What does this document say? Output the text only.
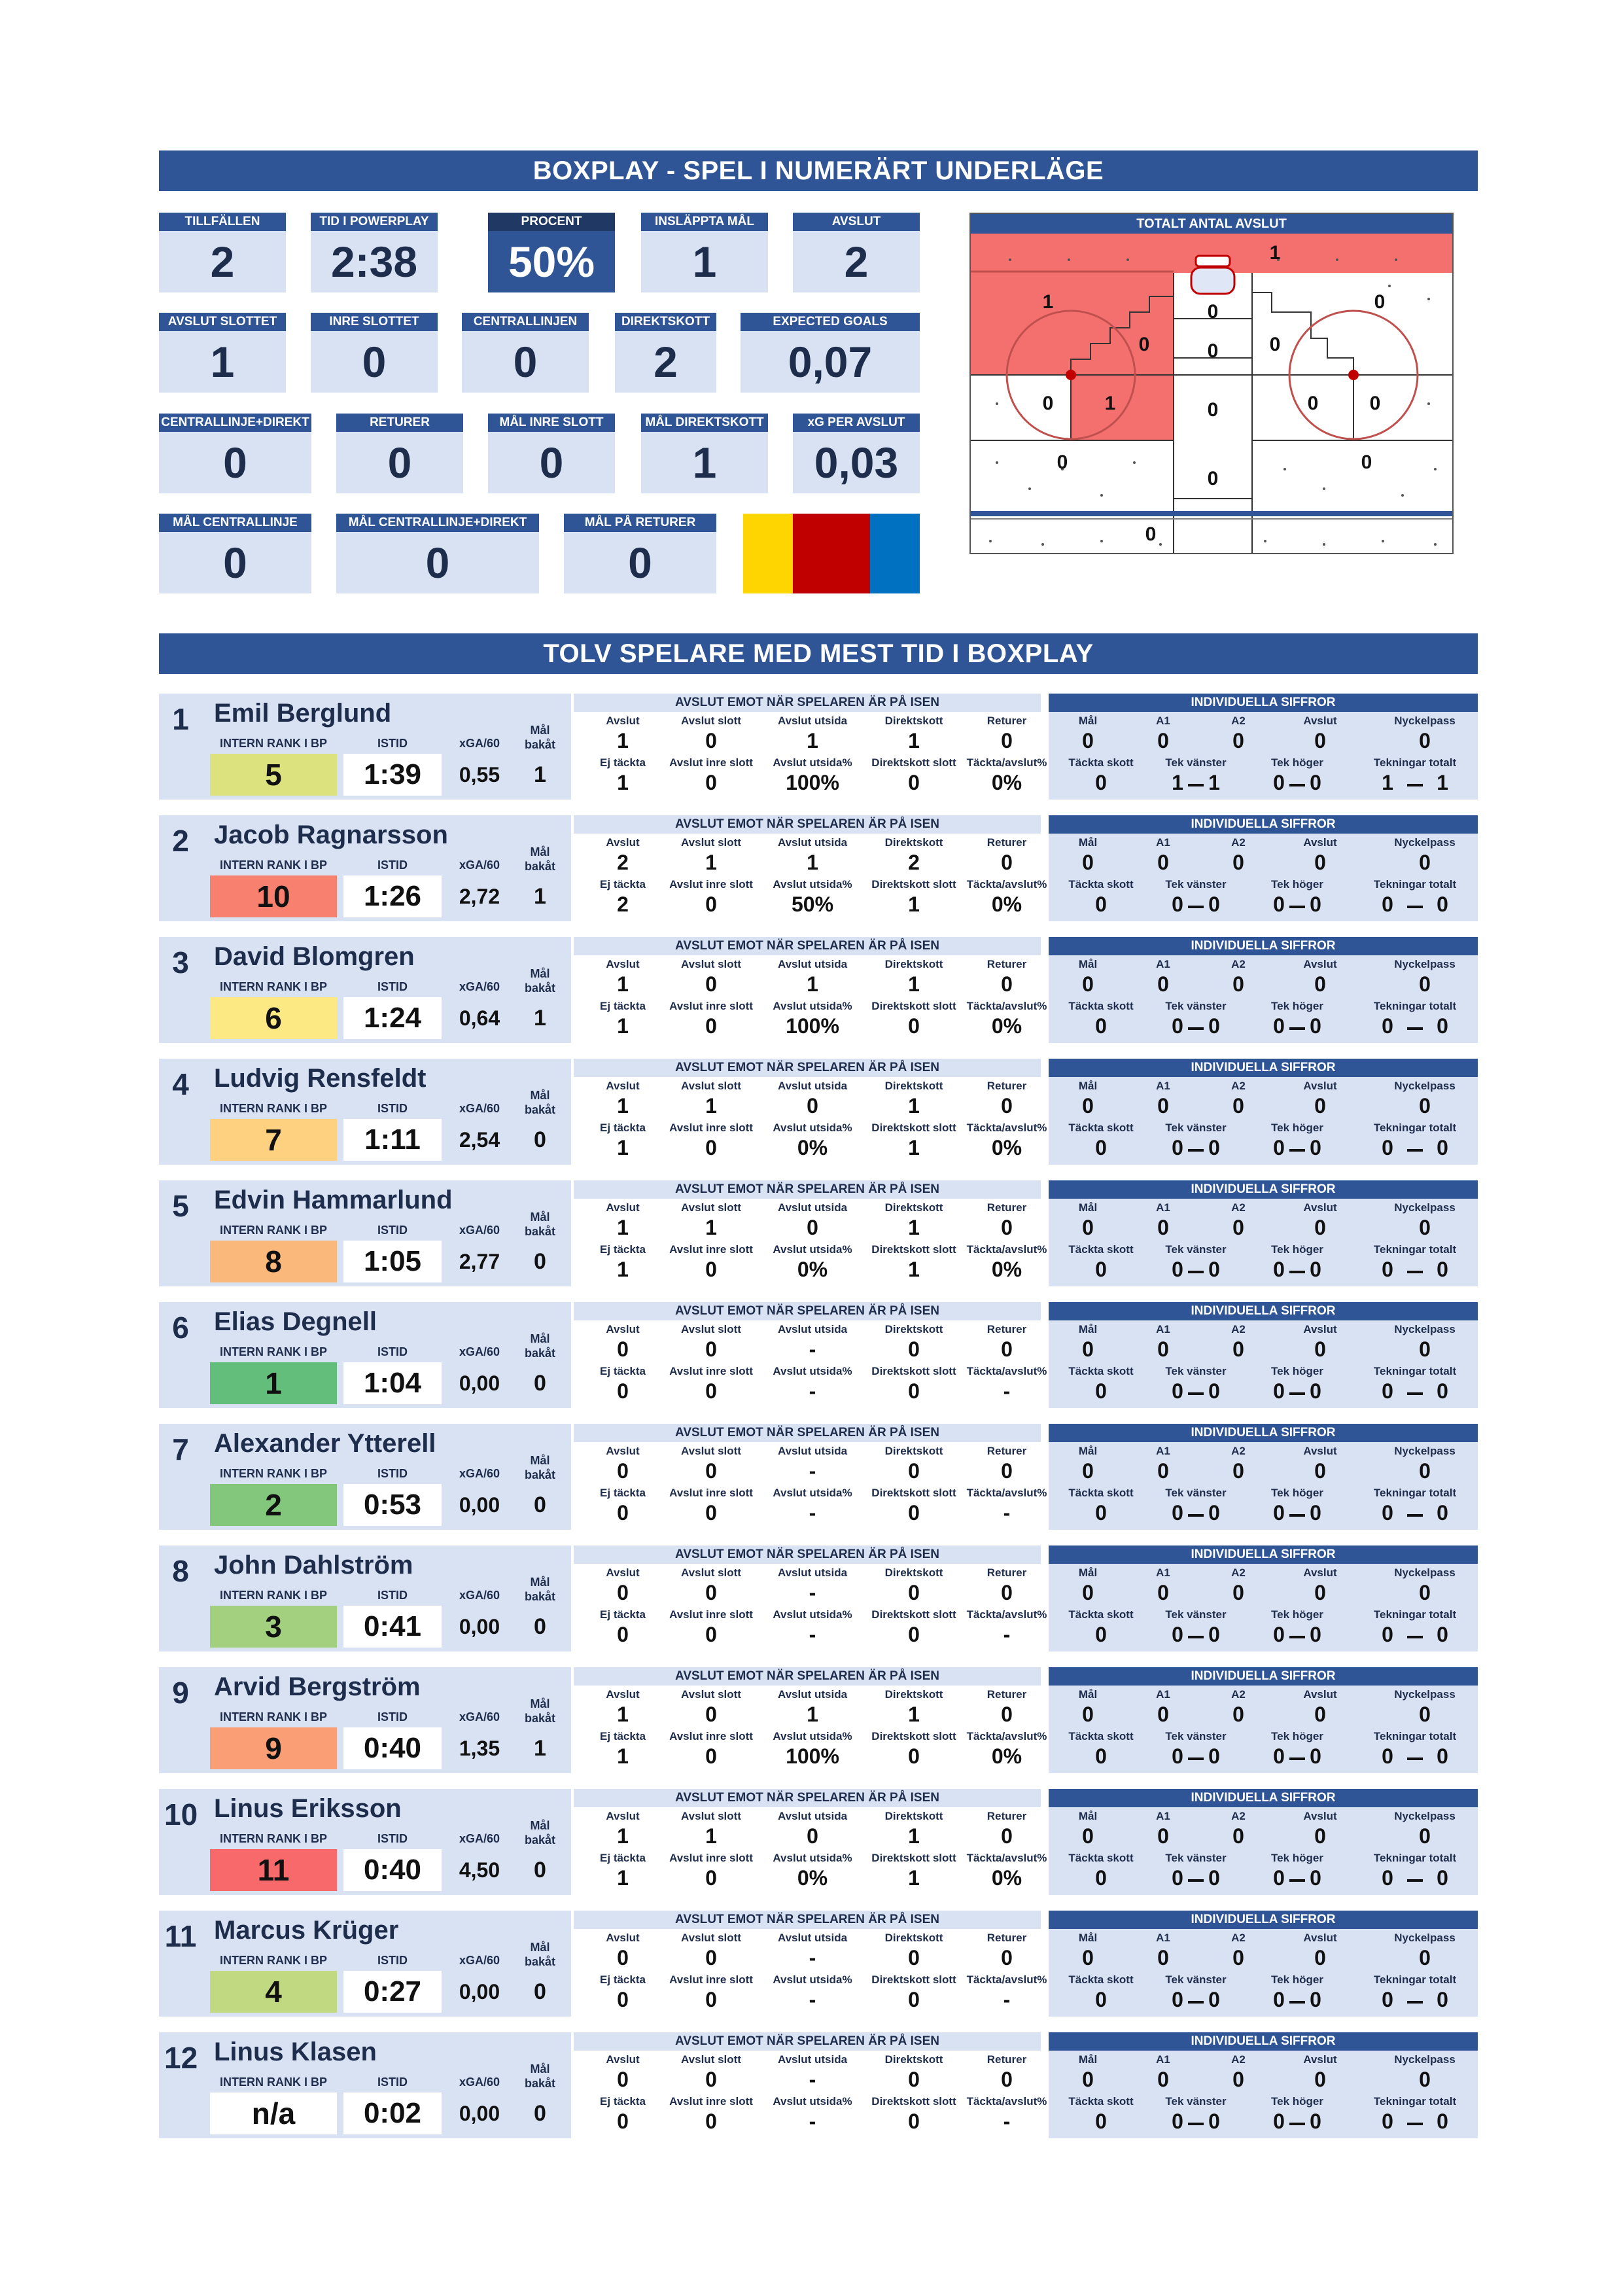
BOXPLAY - SPEL I NUMERÄRT UNDERLÄGE
TILLFÄLLEN
2
TID I POWERPLAY
2:38
PROCENT
50%
INSLÄPPTA MÅL
1
AVSLUT
2
AVSLUT SLOTTET
1
INRE SLOTTET
0
CENTRALLINJEN
0
DIREKTSKOTT
2
EXPECTED GOALS
0,07
CENTRALLINJE+DIREKT
0
RETURER
0
MÅL INRE SLOTT
0
MÅL DIREKTSKOTT
1
xG PER AVSLUT
0,03
MÅL CENTRALLINJE
0
MÅL CENTRALLINJE+DIREKT
0
MÅL PÅ RETURER
0
TOTALT ANTAL AVSLUT
1
1	0	0
0	0	0
0	1	0	0	0
0
0
0
0
TOLV SPELARE MED MEST TID I BOXPLAY
1 Emil Berglund
INTERN RANK I BP	ISTID	xGA/60
Mål
bakåt
5	1:39	0,55	1
AVSLUT EMOT NÄR SPELAREN ÄR PÅ ISEN
Avslut
1
Avslut slott
0
Avslut utsida
1
Direktskott
1
Returer
0
Ej täckta
1
Avslut inre slott
0
Avslut utsida%
100%
Direktskott slott
0
Täckta/avslut%
0%
INDIVIDUELLA SIFFROR
Mål
0
A1
0
A2
0
Avslut
0
Nyckelpass
0
Täckta skott	Tek vänster	Tek höger	Tekningar totalt
0	1 1	0 0	1 1
2 Jacob Ragnarsson
INTERN RANK I BP	ISTID	xGA/60
Mål
bakåt
10	1:26	2,72	1
AVSLUT EMOT NÄR SPELAREN ÄR PÅ ISEN
Avslut
2
Avslut slott
1
Avslut utsida
1
Direktskott
2
Returer
0
Ej täckta
2
Avslut inre slott
0
Avslut utsida%
50%
Direktskott slott
1
Täckta/avslut%
0%
INDIVIDUELLA SIFFROR
Mål
0
A1
0
A2
0
Avslut
0
Nyckelpass
0
Täckta skott	Tek vänster	Tek höger	Tekningar totalt
0	0 0	0 0	0 0
3 David Blomgren
INTERN RANK I BP	ISTID	xGA/60
Mål
bakåt
6	1:24	0,64	1
AVSLUT EMOT NÄR SPELAREN ÄR PÅ ISEN
Avslut
1
Avslut slott
0
Avslut utsida
1
Direktskott
1
Returer
0
Ej täckta
1
Avslut inre slott
0
Avslut utsida%
100%
Direktskott slott
0
Täckta/avslut%
0%
INDIVIDUELLA SIFFROR
Mål
0
A1
0
A2
0
Avslut
0
Nyckelpass
0
Täckta skott	Tek vänster	Tek höger	Tekningar totalt
0	0 0	0 0	0 0
4 Ludvig Rensfeldt
INTERN RANK I BP	ISTID	xGA/60
Mål
bakåt
7	1:11	2,54	0
AVSLUT EMOT NÄR SPELAREN ÄR PÅ ISEN
Avslut
1
Avslut slott
1
Avslut utsida
0
Direktskott
1
Returer
0
Ej täckta
1
Avslut inre slott
0
Avslut utsida%
0%
Direktskott slott
1
Täckta/avslut%
0%
INDIVIDUELLA SIFFROR
Mål
0
A1
0
A2
0
Avslut
0
Nyckelpass
0
Täckta skott	Tek vänster	Tek höger	Tekningar totalt
0	0 0	0 0	0 0
5 Edvin Hammarlund
INTERN RANK I BP	ISTID	xGA/60
Mål
bakåt
8	1:05	2,77	0
AVSLUT EMOT NÄR SPELAREN ÄR PÅ ISEN
Avslut
1
Avslut slott
1
Avslut utsida
0
Direktskott
1
Returer
0
Ej täckta
1
Avslut inre slott
0
Avslut utsida%
0%
Direktskott slott
1
Täckta/avslut%
0%
INDIVIDUELLA SIFFROR
Mål
0
A1
0
A2
0
Avslut
0
Nyckelpass
0
Täckta skott	Tek vänster	Tek höger	Tekningar totalt
0	0 0	0 0	0 0
6 Elias Degnell
INTERN RANK I BP	ISTID	xGA/60
Mål
bakåt
1	1:04	0,00	0
AVSLUT EMOT NÄR SPELAREN ÄR PÅ ISEN
Avslut
0
Avslut slott
0
Avslut utsida
-
Direktskott
0
Returer
0
Ej täckta
0
Avslut inre slott
0
Avslut utsida%
-
Direktskott slott
0
Täckta/avslut%
-
INDIVIDUELLA SIFFROR
Mål
0
A1
0
A2
0
Avslut
0
Nyckelpass
0
Täckta skott	Tek vänster	Tek höger	Tekningar totalt
0	0 0	0 0	0 0
7 Alexander Ytterell
INTERN RANK I BP	ISTID	xGA/60
Mål
bakåt
2	0:53	0,00	0
AVSLUT EMOT NÄR SPELAREN ÄR PÅ ISEN
Avslut
0
Avslut slott
0
Avslut utsida
-
Direktskott
0
Returer
0
Ej täckta
0
Avslut inre slott
0
Avslut utsida%
-
Direktskott slott
0
Täckta/avslut%
-
INDIVIDUELLA SIFFROR
Mål
0
A1
0
A2
0
Avslut
0
Nyckelpass
0
Täckta skott	Tek vänster	Tek höger	Tekningar totalt
0	0 0	0 0	0 0
8 John Dahlström
INTERN RANK I BP	ISTID	xGA/60
Mål
bakåt
3	0:41	0,00	0
AVSLUT EMOT NÄR SPELAREN ÄR PÅ ISEN
Avslut
0
Avslut slott
0
Avslut utsida
-
Direktskott
0
Returer
0
Ej täckta
0
Avslut inre slott
0
Avslut utsida%
-
Direktskott slott
0
Täckta/avslut%
-
INDIVIDUELLA SIFFROR
Mål
0
A1
0
A2
0
Avslut
0
Nyckelpass
0
Täckta skott	Tek vänster	Tek höger	Tekningar totalt
0	0 0	0 0	0 0
9 Arvid Bergström
INTERN RANK I BP	ISTID	xGA/60
Mål
bakåt
9	0:40	1,35	1
AVSLUT EMOT NÄR SPELAREN ÄR PÅ ISEN
Avslut
1
Avslut slott
0
Avslut utsida
1
Direktskott
1
Returer
0
Ej täckta
1
Avslut inre slott
0
Avslut utsida%
100%
Direktskott slott
0
Täckta/avslut%
0%
INDIVIDUELLA SIFFROR
Mål
0
A1
0
A2
0
Avslut
0
Nyckelpass
0
Täckta skott	Tek vänster	Tek höger	Tekningar totalt
0	0 0	0 0	0 0
10 Linus Eriksson
INTERN RANK I BP	ISTID	xGA/60
Mål
bakåt
11	0:40	4,50	0
AVSLUT EMOT NÄR SPELAREN ÄR PÅ ISEN
Avslut
1
Avslut slott
1
Avslut utsida
0
Direktskott
1
Returer
0
Ej täckta
1
Avslut inre slott
0
Avslut utsida%
0%
Direktskott slott
1
Täckta/avslut%
0%
INDIVIDUELLA SIFFROR
Mål
0
A1
0
A2
0
Avslut
0
Nyckelpass
0
Täckta skott	Tek vänster	Tek höger	Tekningar totalt
0	0 0	0 0	0 0
11 Marcus Krüger
INTERN RANK I BP	ISTID	xGA/60
Mål
bakåt
4	0:27	0,00	0
AVSLUT EMOT NÄR SPELAREN ÄR PÅ ISEN
Avslut
0
Avslut slott
0
Avslut utsida
-
Direktskott
0
Returer
0
Ej täckta
0
Avslut inre slott
0
Avslut utsida%
-
Direktskott slott
0
Täckta/avslut%
-
INDIVIDUELLA SIFFROR
Mål
0
A1
0
A2
0
Avslut
0
Nyckelpass
0
Täckta skott	Tek vänster	Tek höger	Tekningar totalt
0	0 0	0 0	0 0
12 Linus Klasen
INTERN RANK I BP	ISTID	xGA/60
Mål
bakåt
n/a	0:02	0,00	0
AVSLUT EMOT NÄR SPELAREN ÄR PÅ ISEN
Avslut
0
Avslut slott
0
Avslut utsida
-
Direktskott
0
Returer
0
Ej täckta
0
Avslut inre slott
0
Avslut utsida%
-
Direktskott slott
0
Täckta/avslut%
-
INDIVIDUELLA SIFFROR
Mål
0
A1
0
A2
0
Avslut
0
Nyckelpass
0
Täckta skott	Tek vänster	Tek höger	Tekningar totalt
0	0 0	0 0	0 0
